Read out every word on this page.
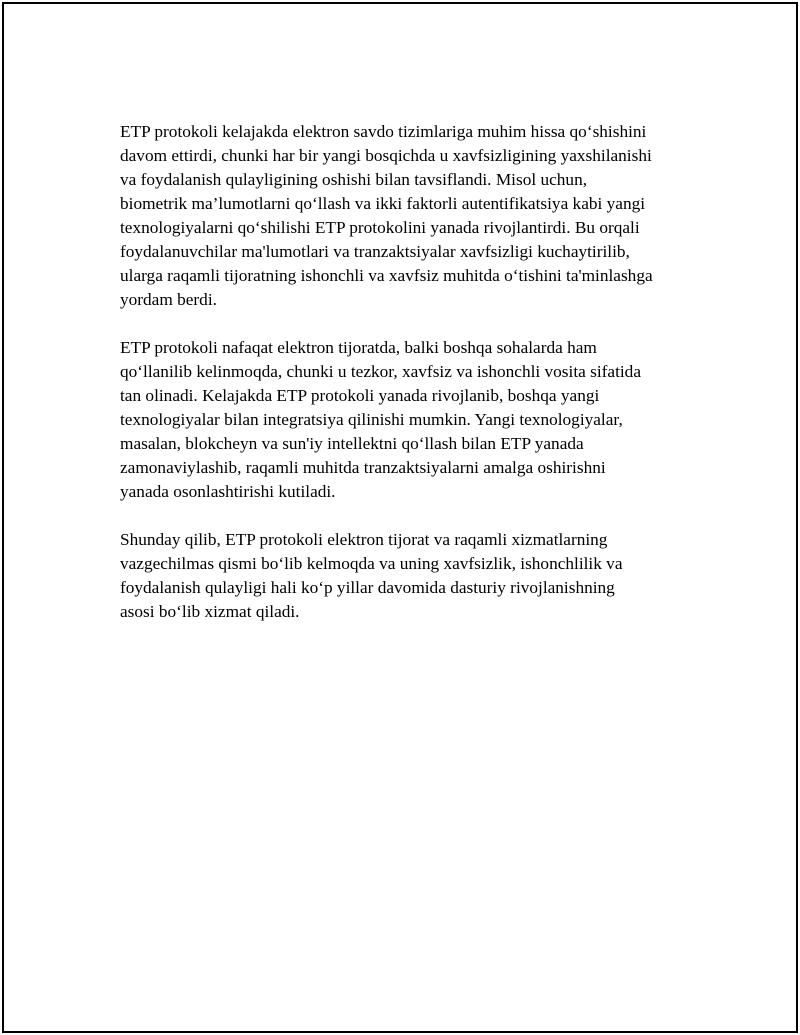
ETP protokoli kelajakda elektron savdo tizimlariga muhim hissa qo‘shishini
davom ettirdi, chunki har bir yangi bosqichda u xavfsizligining yaxshilanishi
va foydalanish qulayligining oshishi bilan tavsiflandi. Misol uchun,
biometrik ma’lumotlarni qo‘llash va ikki faktorli autentifikatsiya kabi yangi
texnologiyalarni qo‘shilishi ETP protokolini yanada rivojlantirdi. Bu orqali
foydalanuvchilar ma'lumotlari va tranzaktsiyalar xavfsizligi kuchaytirilib,
ularga raqamli tijoratning ishonchli va xavfsiz muhitda o‘tishini ta'minlashga
yordam berdi.

ETP protokoli nafaqat elektron tijoratda, balki boshqa sohalarda ham
qo‘llanilib kelinmoqda, chunki u tezkor, xavfsiz va ishonchli vosita sifatida
tan olinadi. Kelajakda ETP protokoli yanada rivojlanib, boshqa yangi
texnologiyalar bilan integratsiya qilinishi mumkin. Yangi texnologiyalar,
masalan, blokcheyn va sun'iy intellektni qo‘llash bilan ETP yanada
zamonaviylashib, raqamli muhitda tranzaktsiyalarni amalga oshirishni
yanada osonlashtirishi kutiladi.

Shunday qilib, ETP protokoli elektron tijorat va raqamli xizmatlarning
vazgechilmas qismi bo‘lib kelmoqda va uning xavfsizlik, ishonchlilik va
foydalanish qulayligi hali ko‘p yillar davomida dasturiy rivojlanishning
asosi bo‘lib xizmat qiladi.
